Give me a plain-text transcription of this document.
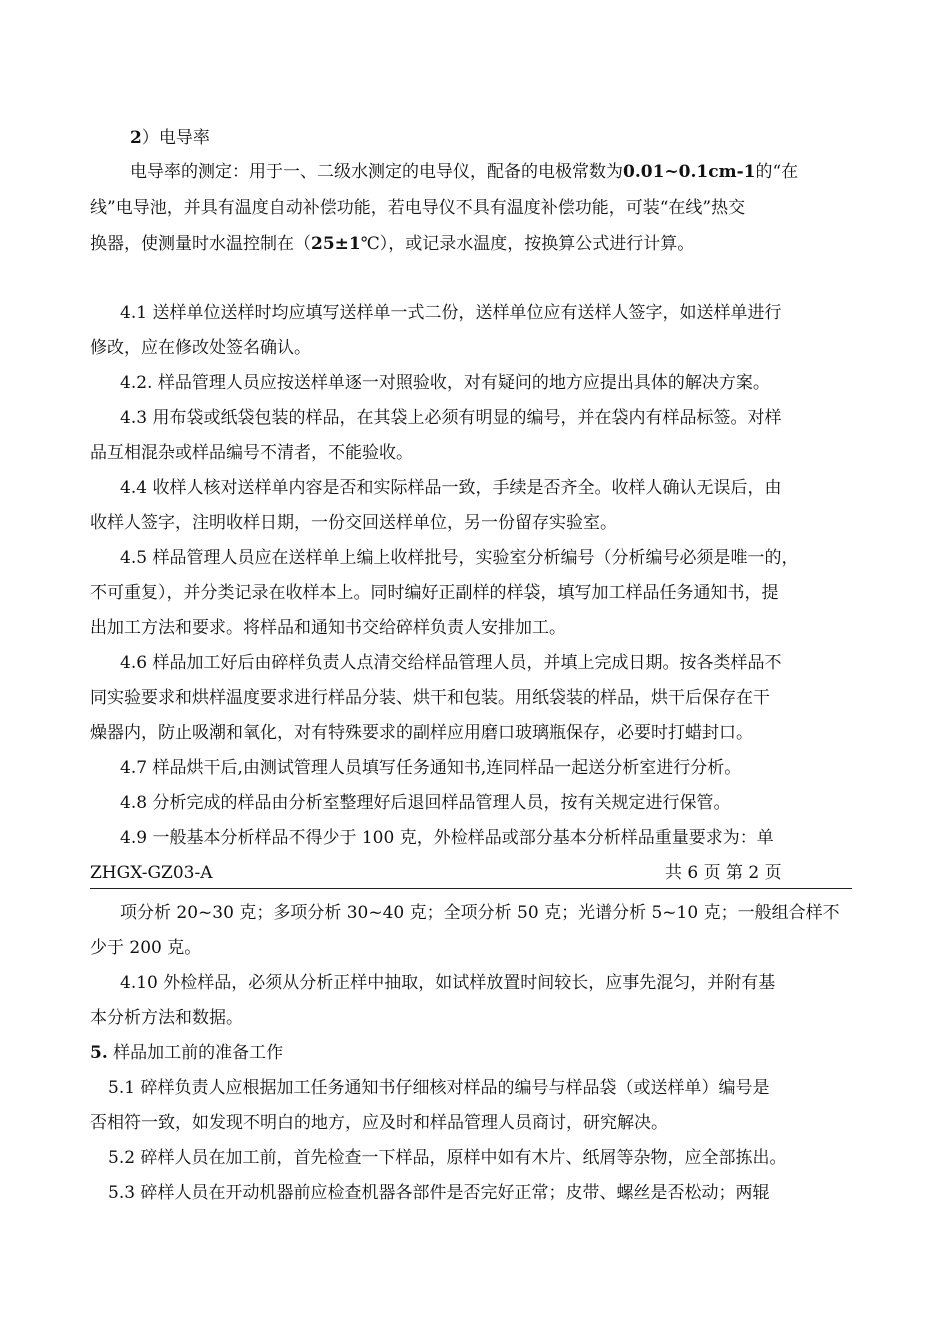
2）电导率
电导率的测定：用于一、二级水测定的电导仪，配备的电极常数为0.01~0.1cm-1的“在
线”电导池，并具有温度自动补偿功能，若电导仪不具有温度补偿功能，可装“在线”热交
换器，使测量时水温控制在（25±1℃），或记录水温度，按换算公式进行计算。
4.1 送样单位送样时均应填写送样单一式二份，送样单位应有送样人签字，如送样单进行
修改，应在修改处签名确认。
4.2. 样品管理人员应按送样单逐一对照验收，对有疑问的地方应提出具体的解决方案。
4.3 用布袋或纸袋包装的样品，在其袋上必须有明显的编号，并在袋内有样品标签。对样
品互相混杂或样品编号不清者，不能验收。
4.4 收样人核对送样单内容是否和实际样品一致，手续是否齐全。收样人确认无误后，由
收样人签字，注明收样日期，一份交回送样单位，另一份留存实验室。
4.5 样品管理人员应在送样单上编上收样批号，实验室分析编号（分析编号必须是唯一的，
不可重复），并分类记录在收样本上。同时编好正副样的样袋，填写加工样品任务通知书，提
出加工方法和要求。将样品和通知书交给碎样负责人安排加工。
4.6 样品加工好后由碎样负责人点清交给样品管理人员，并填上完成日期。按各类样品不
同实验要求和烘样温度要求进行样品分装、烘干和包装。用纸袋装的样品，烘干后保存在干
燥器内，防止吸潮和氧化，对有特殊要求的副样应用磨口玻璃瓶保存，必要时打蜡封口。
4.7 样品烘干后,由测试管理人员填写任务通知书,连同样品一起送分析室进行分析。
4.8 分析完成的样品由分析室整理好后退回样品管理人员，按有关规定进行保管。
4.9 一般基本分析样品不得少于 100 克，外检样品或部分基本分析样品重量要求为：单
ZHGX-GZ03-A	共 6 页 第 2 页
项分析 20~30 克；多项分析 30~40 克；全项分析 50 克；光谱分析 5~10 克；一般组合样不
少于 200 克。
4.10 外检样品，必须从分析正样中抽取，如试样放置时间较长，应事先混匀，并附有基
本分析方法和数据。
5. 样品加工前的准备工作
5.1 碎样负责人应根据加工任务通知书仔细核对样品的编号与样品袋（或送样单）编号是
否相符一致，如发现不明白的地方，应及时和样品管理人员商讨，研究解决。
5.2 碎样人员在加工前，首先检查一下样品，原样中如有木片、纸屑等杂物，应全部拣出。
5.3 碎样人员在开动机器前应检查机器各部件是否完好正常；皮带、螺丝是否松动；两辊
